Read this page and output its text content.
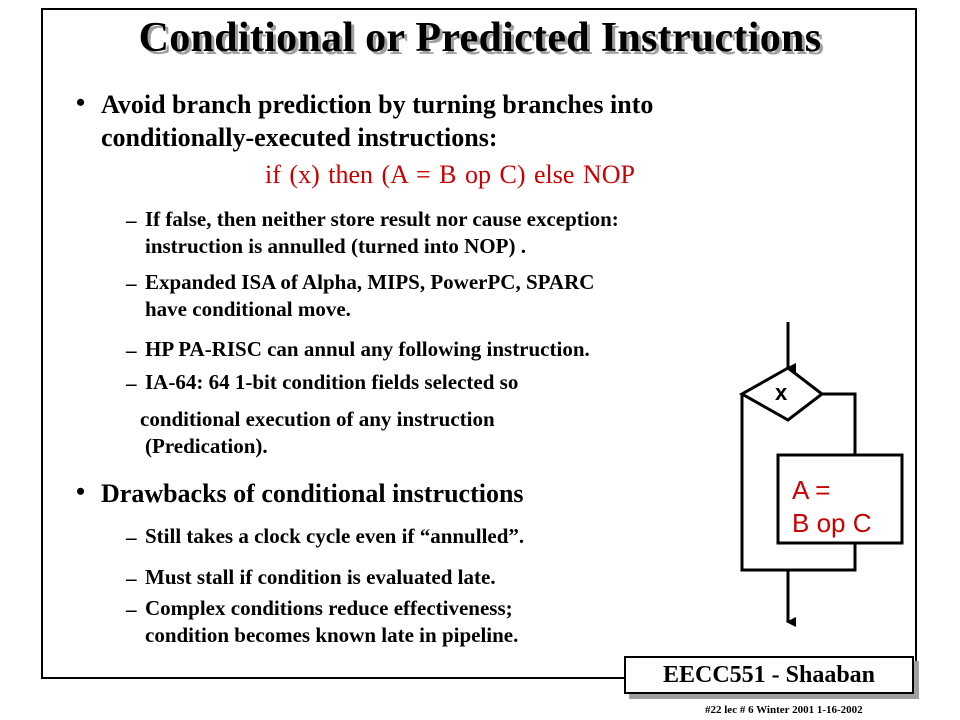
Conditional or Predicted Instructions
• Avoid branch prediction by turning branches into
conditionally-executed instructions:
if (x) then (A = B op C) else NOP
– If false, then neither store result nor cause exception:
instruction is annulled (turned into NOP) .
– Expanded ISA of Alpha, MIPS, PowerPC, SPARC
have conditional move.
– HP PA-RISC can annul any following instruction.
– IA-64: 64 1-bit condition fields selected so
conditional execution of any instruction
(Predication).
• Drawbacks of conditional instructions
– Still takes a clock cycle even if “annulled”.
– Must stall if condition is evaluated late.
– Complex conditions reduce effectiveness;
condition becomes known late in pipeline.
x
A =
B op C
EECC551 - Shaaban
#22 lec # 6 Winter 2001 1-16-2002
